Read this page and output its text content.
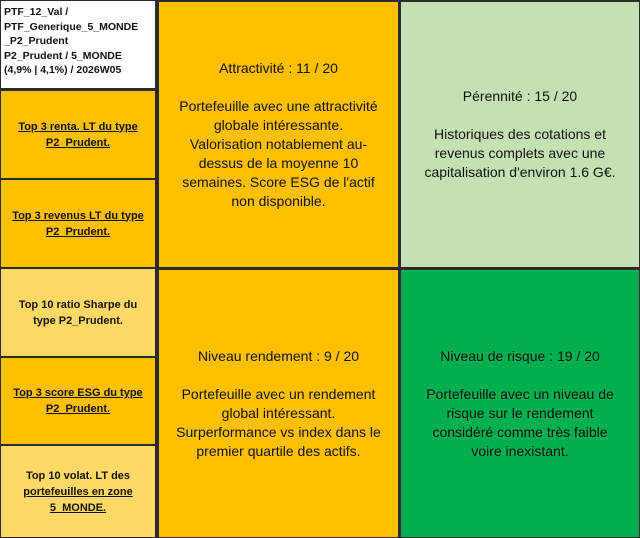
PTF_12_Val /
PTF_Generique_5_MONDE
_P2_Prudent
P2_Prudent / 5_MONDE
(4,9% | 4,1%) / 2026W05
Top 3 renta. LT du type
P2_Prudent.
Top 3 revenus LT du type
P2_Prudent.
Top 10 ratio Sharpe du
type P2_Prudent.
Top 3 score ESG du type
P2_Prudent.
Top 10 volat. LT des
portefeuilles en zone
5_MONDE.
Attractivité : 11 / 20
Portefeuille avec une attractivité
globale intéressante.
Valorisation notablement au-
dessus de la moyenne 10
semaines. Score ESG de l'actif
non disponible.
Pérennité : 15 / 20
Historiques des cotations et
revenus complets avec une
capitalisation d'environ 1.6 G€.
Niveau rendement : 9 / 20
Portefeuille avec un rendement
global intéressant.
Surperformance vs index dans le
premier quartile des actifs.
Niveau de risque : 19 / 20
Portefeuille avec un niveau de
risque sur le rendement
considéré comme très faible
voire inexistant.
